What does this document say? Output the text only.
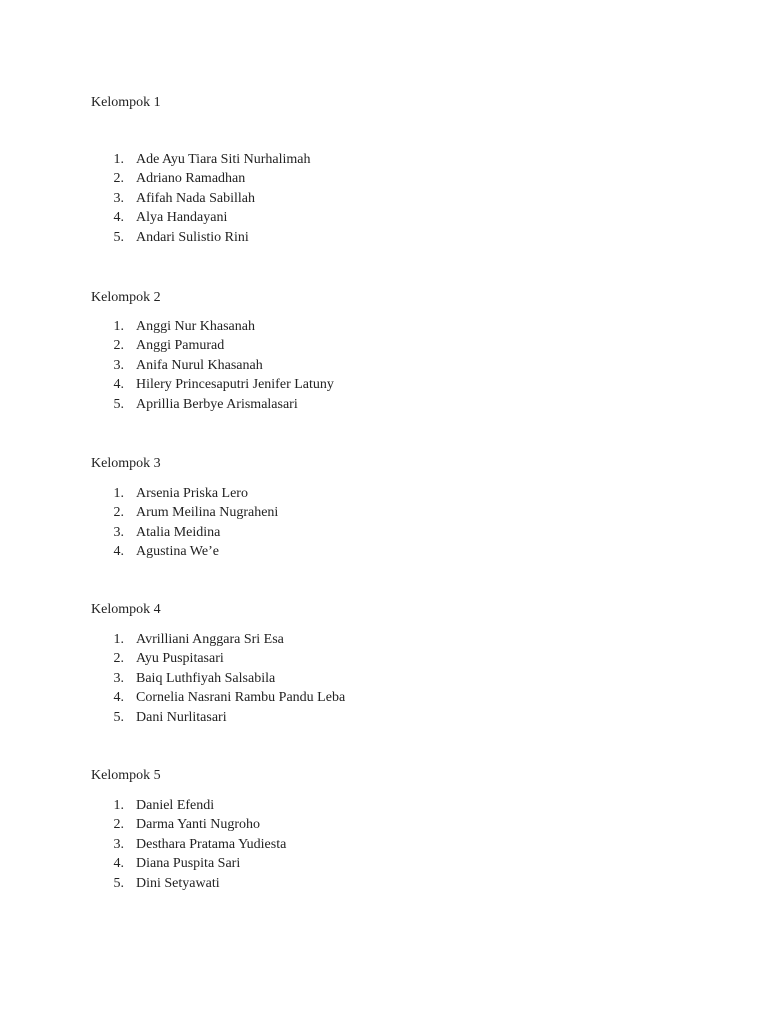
Kelompok 1
1. Ade Ayu Tiara Siti Nurhalimah
2. Adriano Ramadhan
3. Afifah Nada Sabillah
4. Alya Handayani
5. Andari Sulistio Rini
Kelompok 2
1. Anggi Nur Khasanah
2. Anggi Pamurad
3. Anifa Nurul Khasanah
4. Hilery Princesaputri Jenifer Latuny
5. Aprillia Berbye Arismalasari
Kelompok 3
1. Arsenia Priska Lero
2. Arum Meilina Nugraheni
3. Atalia Meidina
4. Agustina We’e
Kelompok 4
1. Avrilliani Anggara Sri Esa
2. Ayu Puspitasari
3. Baiq Luthfiyah Salsabila
4. Cornelia Nasrani Rambu Pandu Leba
5. Dani Nurlitasari
Kelompok 5
1. Daniel Efendi
2. Darma Yanti Nugroho
3. Desthara Pratama Yudiesta
4. Diana Puspita Sari
5. Dini Setyawati
